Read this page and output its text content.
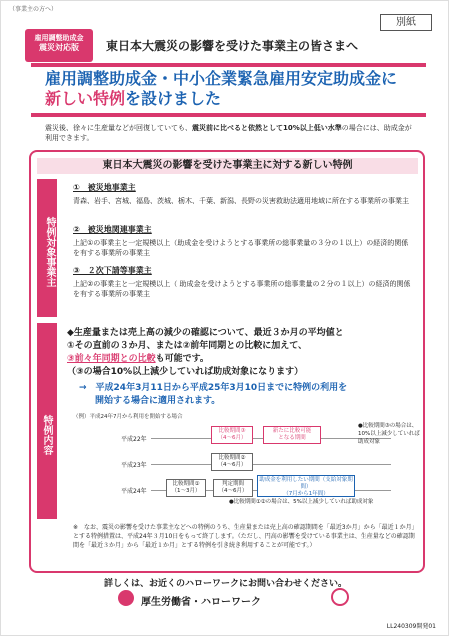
（事業主の方へ）
別紙
雇用調整助成金
震災対応版	東日本大震災の影響を受けた事業主の皆さまへ
雇用調整助成金・中小企業緊急雇用安定助成金に
新しい特例を設けました
震災後、徐々に生産量などが回復していても、震災前に比べると依然として10%以上低い水準の場合には、助成金が利用できます。
東日本大震災の影響を受けた事業主に対する新しい特例
特例対象事業主
特例内容
①　被災地事業主
青森、岩手、宮城、福島、茨城、栃木、千葉、新潟、長野の災害救助法適用地域に所在する事業所の事業主
②　被災地関連事業主
上記①の事業主と一定規模以上（助成金を受けようとする事業所の総事業量の３分の１以上）の経済的関係を有する事業所の事業主
③　２次下請等事業主
上記②の事業主と一定規模以上（ 助成金を受けようとする事業所の総事業量の２分の１以上）の経済的関係を有する事業所の事業主
◆生産量または売上高の減少の確認について、最近３か月の平均値と
①その直前の３か月、または②前年同期との比較に加えて、
③前々年同期との比較も可能です。
（③の場合10%以上減少していれば助成対象になります）
→　平成24年3月11日から平成25年3月10日までに特例の利用を
開始する場合に適用されます。
（例）平成24年7月から利用を開始する場合
平成22年
平成23年
平成24年
比較期間③
（4～6月）
新たに比較可能
となる期間
比較期間②
（4～6月）
比較期間①
（1～3月）
判定期間
（4～6月）
助成金を利用したい期間（支給対象期間）
（7月から1年間）
●比較期間③の場合は、10%以上減少していれば助成対象
●比較期間①②の場合は、5%以上減少していれば助成対象
※　なお、震災の影響を受けた事業主などへの特例のうち、生産量または売上高の確認期間を「最近3か月」から「最近１か月」とする特例措置は、平成24年３月10日をもって終了します。（ただし、円高の影響を受けている事業主は、生産量などの確認期間を「最近３か月」から「最近１か月」とする特例を引き続き利用することが可能です。）
詳しくは、お近くのハローワークにお問い合わせください。
厚生労働省・ハローワーク
LL240309開発01
